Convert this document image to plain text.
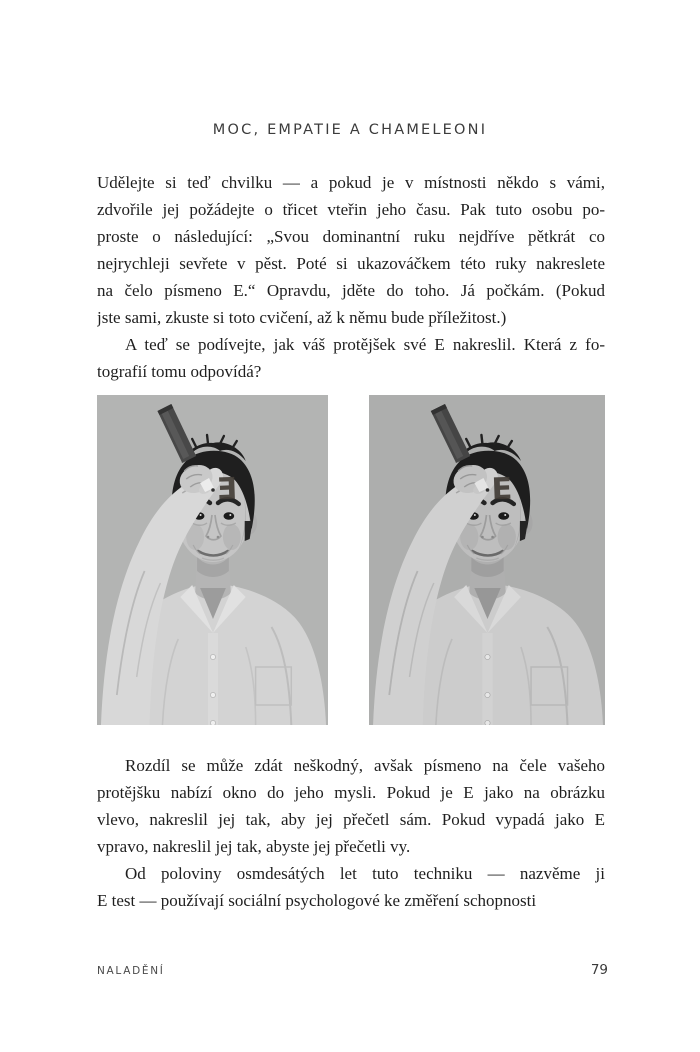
MOC, EMPATIE A CHAMELEONI
Udělejte si teď chvilku — a pokud je v místnosti někdo s vámi,
zdvořile jej požádejte o třicet vteřin jeho času. Pak tuto osobu po-
proste o následující: „Svou dominantní ruku nejdříve pětkrát co
nejrychleji sevřete v pěst. Poté si ukazováčkem této ruky nakreslete
na čelo písmeno E.“ Opravdu, jděte do toho. Já počkám. (Pokud
jste sami, zkuste si toto cvičení, až k němu bude příležitost.)
A teď se podívejte, jak váš protějšek své E nakreslil. Která z fo-
tografií tomu odpovídá?
E	E
Rozdíl se může zdát neškodný, avšak písmeno na čele vašeho
protějšku nabízí okno do jeho mysli. Pokud je E jako na obrázku
vlevo, nakreslil jej tak, aby jej přečetl sám. Pokud vypadá jako E
vpravo, nakreslil jej tak, abyste jej přečetli vy.
Od poloviny osmdesátých let tuto techniku — nazvěme ji
E test — používají sociální psychologové ke změření schopnosti
NALADĚNÍ	79
